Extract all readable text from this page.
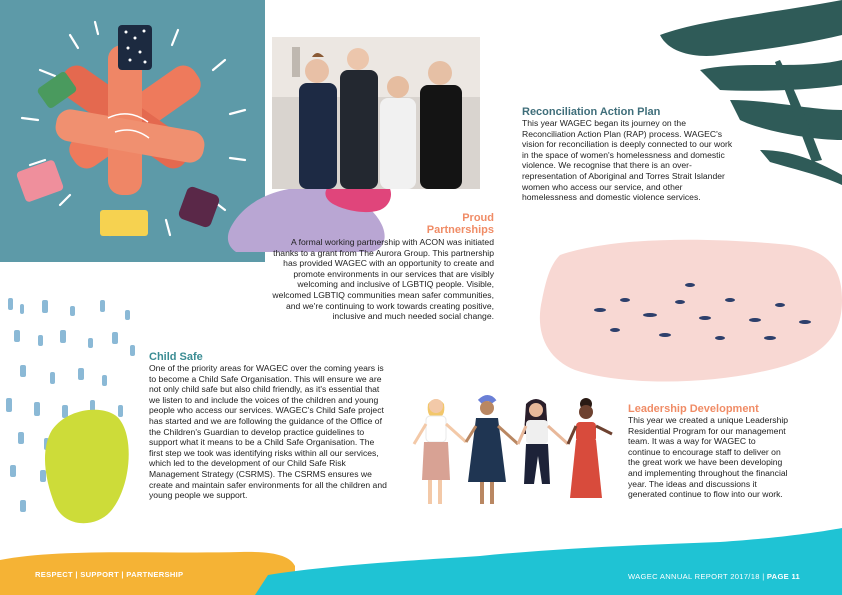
Reconciliation Action Plan
This year WAGEC began its journey on the Reconciliation Action Plan (RAP) process. WAGEC's vision for reconciliation is deeply connected to our work in the space of women's homelessness and domestic violence. We recognise that there is an over-representation of Aboriginal and Torres Strait Islander women who access our service, and other homelessness and domestic violence services.
Proud
Partnerships
A formal working partnership with ACON was initiated thanks to a grant from The Aurora Group. This partnership has provided WAGEC with an opportunity to create and promote environments in our services that are visibly welcoming and inclusive of LGBTIQ people. Visible, welcomed LGBTIQ communities mean safer communities, and we're continuing to work towards creating positive, inclusive and much needed social change.
Child Safe
One of the priority areas for WAGEC over the coming years is to become a Child Safe Organisation. This will ensure we are not only child safe but also child friendly, as it's essential that we listen to and include the voices of the children and young people who access our services. WAGEC's Child Safe project has started and we are following the guidance of the Office of the Children's Guardian to develop practice guidelines to support what it means to be a Child Safe Organisation. The first step we took was identifying risks within all our services, which led to the development of our Child Safe Risk Management Strategy (CSRMS). The CSRMS ensures we create and maintain safer environments for all the children and young people we support.
Leadership Development
This year we created a unique Leadership Residential Program for our management team. It was a way for WAGEC to continue to encourage staff to deliver on the great work we have been developing and implementing throughout the financial year. The ideas and discussions it generated continue to flow into our work.
RESPECT | SUPPORT | PARTNERSHIP	WAGEC ANNUAL REPORT 2017/18 | PAGE 11
